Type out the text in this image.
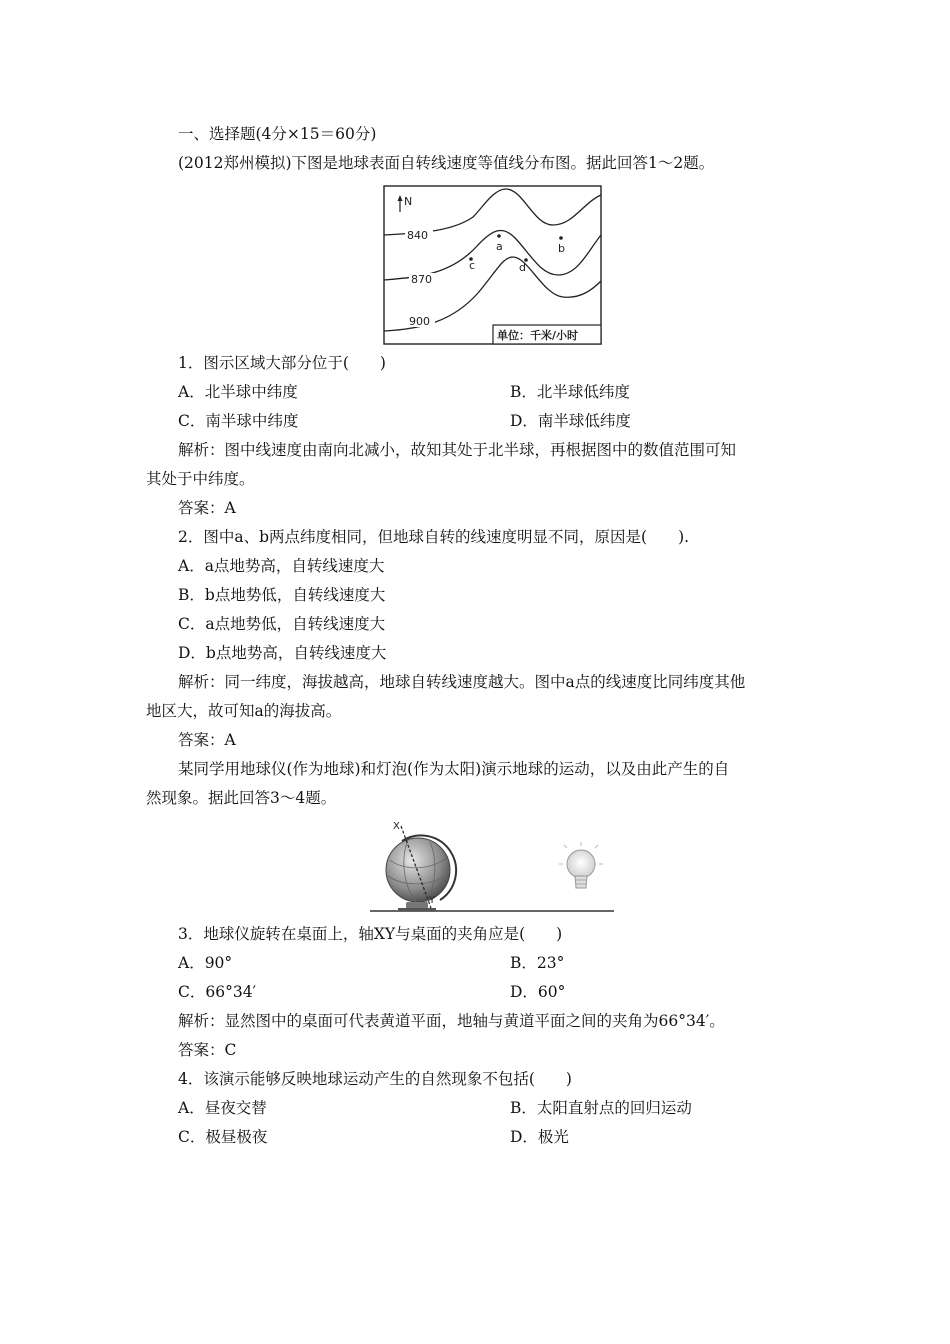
一、选择题(4分×15＝60分)
(2012郑州模拟)下图是地球表面自转线速度等值线分布图。据此回答1～2题。
N
840
870
900
a	b
c	d
单位：千米/小时
1．图示区域大部分位于(　　)
A．北半球中纬度	B．北半球低纬度
C．南半球中纬度	D．南半球低纬度
解析：图中线速度由南向北减小，故知其处于北半球，再根据图中的数值范围可知
其处于中纬度。
答案：A
2．图中a、b两点纬度相同，但地球自转的线速度明显不同，原因是(　　).
A．a点地势高，自转线速度大
B．b点地势低，自转线速度大
C．a点地势低，自转线速度大
D．b点地势高，自转线速度大
解析：同一纬度，海拔越高，地球自转线速度越大。图中a点的线速度比同纬度其他
地区大，故可知a的海拔高。
答案：A
某同学用地球仪(作为地球)和灯泡(作为太阳)演示地球的运动，以及由此产生的自
然现象。据此回答3～4题。
X
Y
3．地球仪旋转在桌面上，轴XY与桌面的夹角应是(　　)
A．90°	B．23°
C．66°34′	D．60°
解析：显然图中的桌面可代表黄道平面，地轴与黄道平面之间的夹角为66°34′。
答案：C
4．该演示能够反映地球运动产生的自然现象不包括(　　)
A．昼夜交替	B．太阳直射点的回归运动
C．极昼极夜	D．极光
